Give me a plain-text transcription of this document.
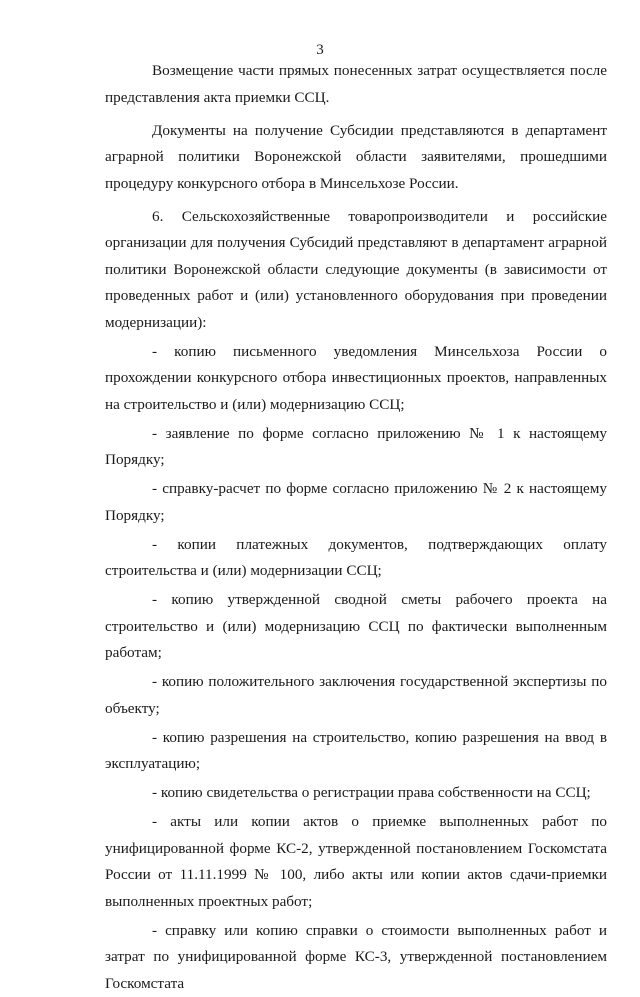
3

Возмещение части прямых понесенных затрат осуществляется после представления акта приемки ССЦ.

Документы на получение Субсидии представляются в департамент аграрной политики Воронежской области заявителями, прошедшими процедуру конкурсного отбора в Минсельхозе России.

6. Сельскохозяйственные товаропроизводители и российские организации для получения Субсидий представляют в департамент аграрной политики Воронежской области следующие документы (в зависимости от проведенных работ и (или) установленного оборудования при проведении модернизации):

- копию письменного уведомления Минсельхоза России о прохождении конкурсного отбора инвестиционных проектов, направленных на строительство и (или) модернизацию ССЦ;

- заявление по форме согласно приложению № 1 к настоящему Порядку;

- справку-расчет по форме согласно приложению № 2 к настоящему Порядку;

- копии платежных документов, подтверждающих оплату строительства и (или) модернизации ССЦ;

- копию утвержденной сводной сметы рабочего проекта на строительство и (или) модернизацию ССЦ по фактически выполненным работам;

- копию положительного заключения государственной экспертизы по объекту;

- копию разрешения на строительство, копию разрешения на ввод в эксплуатацию;

- копию свидетельства о регистрации права собственности на ССЦ;

- акты или копии актов о приемке выполненных работ по унифицированной форме КС-2, утвержденной постановлением Госкомстата России от 11.11.1999 № 100, либо акты или копии актов сдачи-приемки выполненных проектных работ;

- справку или копию справки о стоимости выполненных работ и затрат по унифицированной форме КС-3, утвержденной постановлением Госкомстата
